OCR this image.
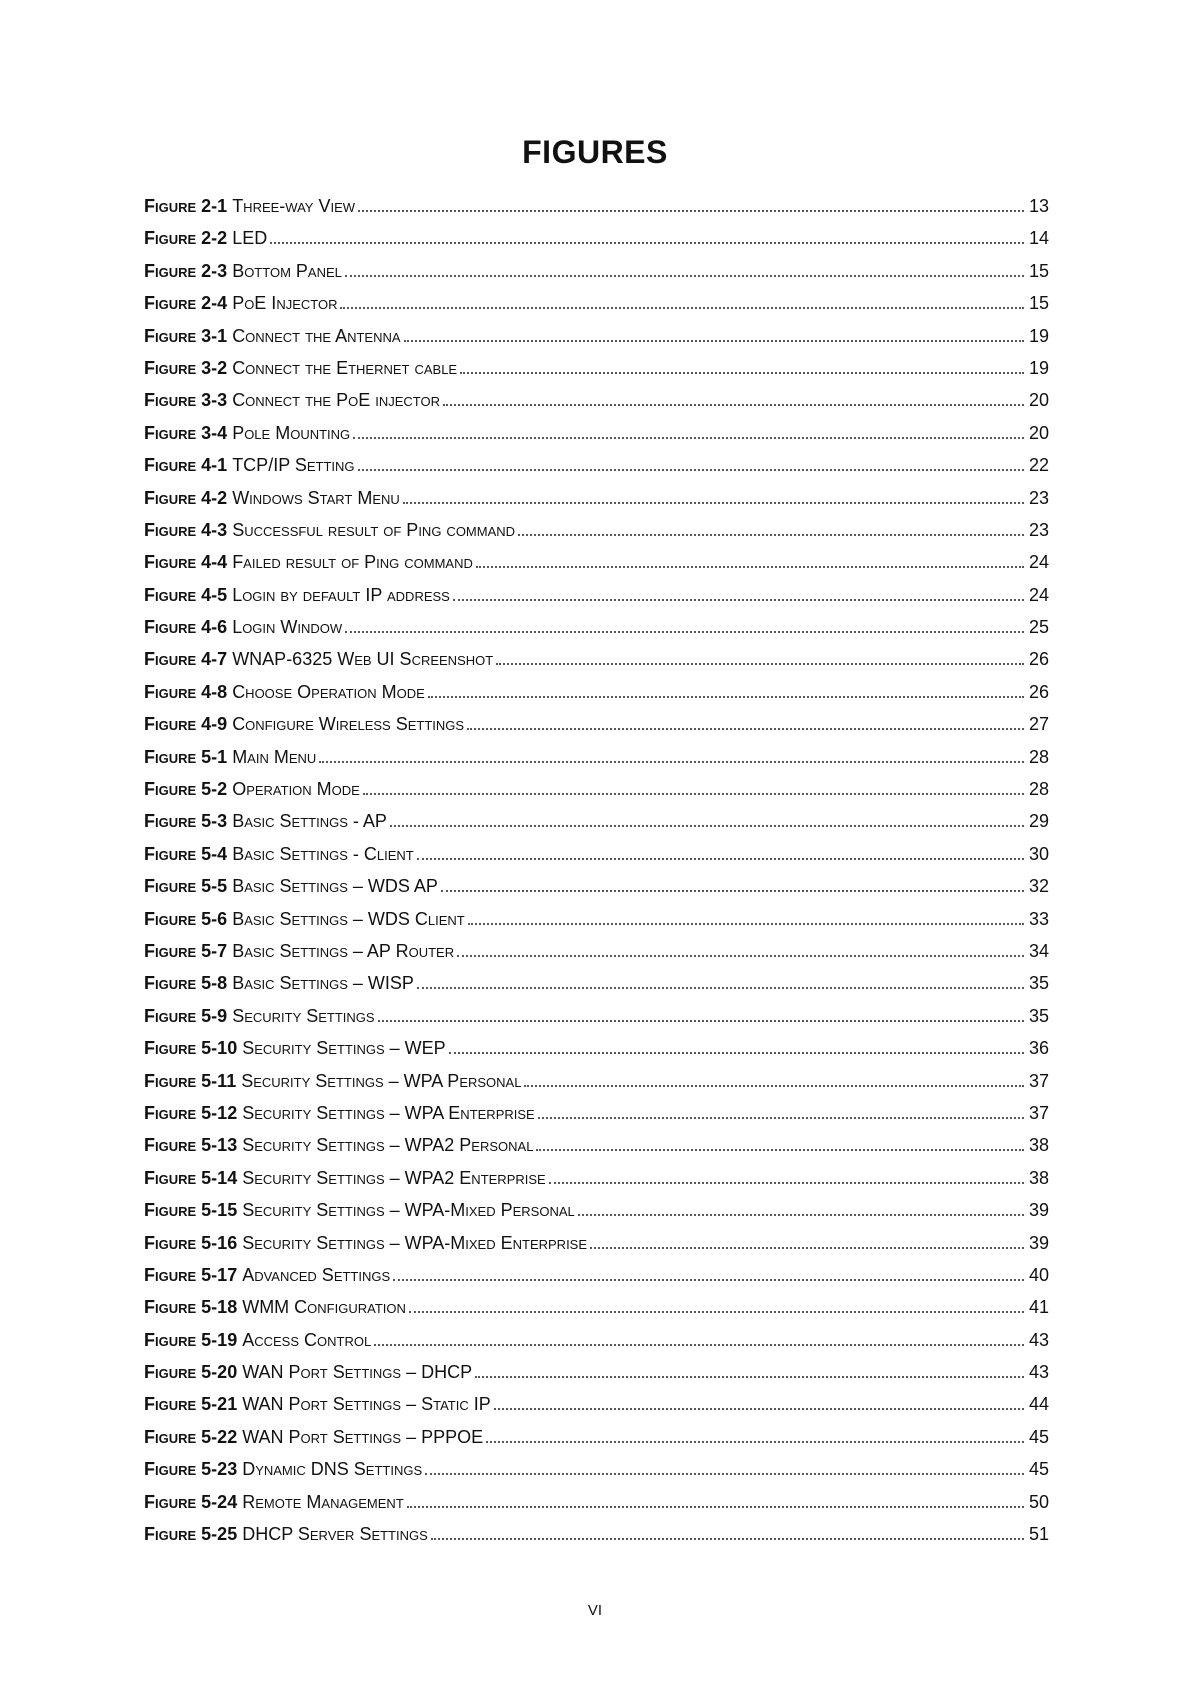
FIGURES
Figure 2-1 Three-way View	13
Figure 2-2 LED	14
Figure 2-3 Bottom Panel	15
Figure 2-4 PoE Injector	15
Figure 3-1 Connect the Antenna	19
Figure 3-2 Connect the Ethernet cable	19
Figure 3-3 Connect the PoE injector	20
Figure 3-4 Pole Mounting	20
Figure 4-1 TCP/IP Setting	22
Figure 4-2 Windows Start Menu	23
Figure 4-3 Successful result of Ping command	23
Figure 4-4 Failed result of Ping command	24
Figure 4-5 Login by default IP address	24
Figure 4-6 Login Window	25
Figure 4-7 WNAP-6325 Web UI Screenshot	26
Figure 4-8 Choose Operation Mode	26
Figure 4-9 Configure Wireless Settings	27
Figure 5-1 Main Menu	28
Figure 5-2 Operation Mode	28
Figure 5-3 Basic Settings - AP	29
Figure 5-4 Basic Settings - Client	30
Figure 5-5 Basic Settings – WDS AP	32
Figure 5-6 Basic Settings – WDS Client	33
Figure 5-7 Basic Settings – AP Router	34
Figure 5-8 Basic Settings – WISP	35
Figure 5-9 Security Settings	35
Figure 5-10 Security Settings – WEP	36
Figure 5-11 Security Settings – WPA Personal	37
Figure 5-12 Security Settings – WPA Enterprise	37
Figure 5-13 Security Settings – WPA2 Personal	38
Figure 5-14 Security Settings – WPA2 Enterprise	38
Figure 5-15 Security Settings – WPA-Mixed Personal	39
Figure 5-16 Security Settings – WPA-Mixed Enterprise	39
Figure 5-17 Advanced Settings	40
Figure 5-18 WMM Configuration	41
Figure 5-19 Access Control	43
Figure 5-20 WAN Port Settings – DHCP	43
Figure 5-21 WAN Port Settings – Static IP	44
Figure 5-22 WAN Port Settings – PPPOE	45
Figure 5-23 Dynamic DNS Settings	45
Figure 5-24 Remote Management	50
Figure 5-25 DHCP Server Settings	51

VI
